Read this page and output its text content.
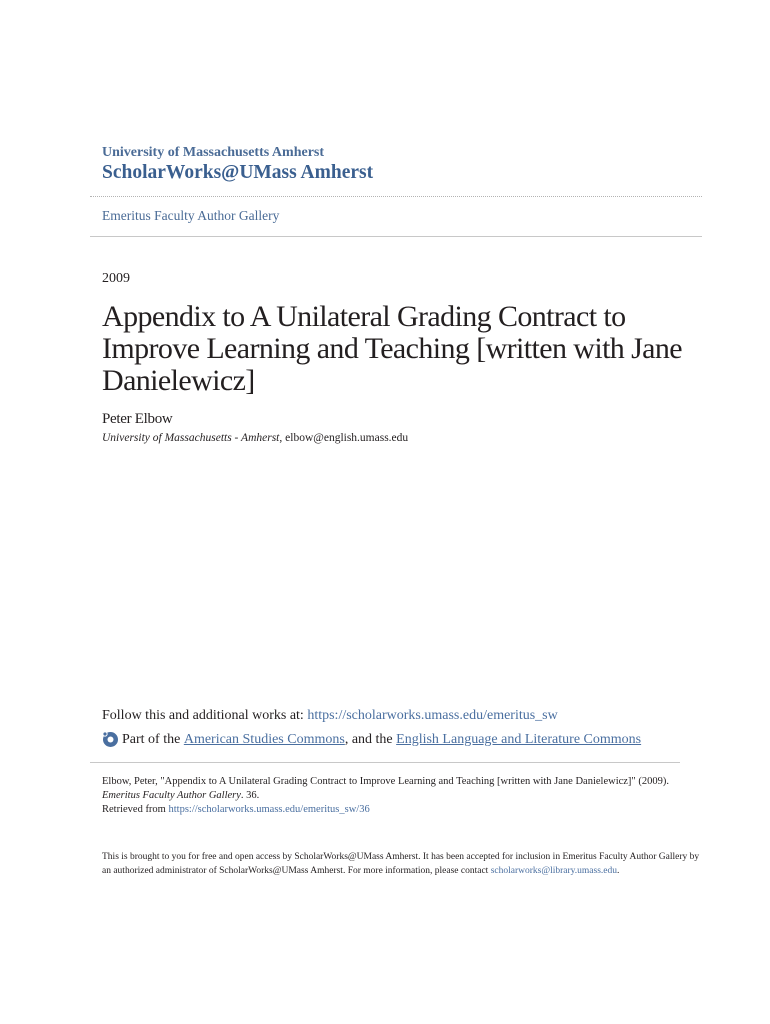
University of Massachusetts Amherst
ScholarWorks@UMass Amherst
Emeritus Faculty Author Gallery
2009
Appendix to A Unilateral Grading Contract to Improve Learning and Teaching [written with Jane Danielewicz]
Peter Elbow
University of Massachusetts - Amherst, elbow@english.umass.edu
Follow this and additional works at: https://scholarworks.umass.edu/emeritus_sw
Part of the
American Studies Commons , and the
English Language and Literature Commons
Elbow, Peter, "Appendix to A Unilateral Grading Contract to Improve Learning and Teaching [written with Jane Danielewicz]" (2009).
Emeritus Faculty Author Gallery. 36.
Retrieved from https://scholarworks.umass.edu/emeritus_sw/36
This is brought to you for free and open access by ScholarWorks@UMass Amherst. It has been accepted for inclusion in Emeritus Faculty Author Gallery by an authorized administrator of ScholarWorks@UMass Amherst. For more information, please contact scholarworks@library.umass.edu.
